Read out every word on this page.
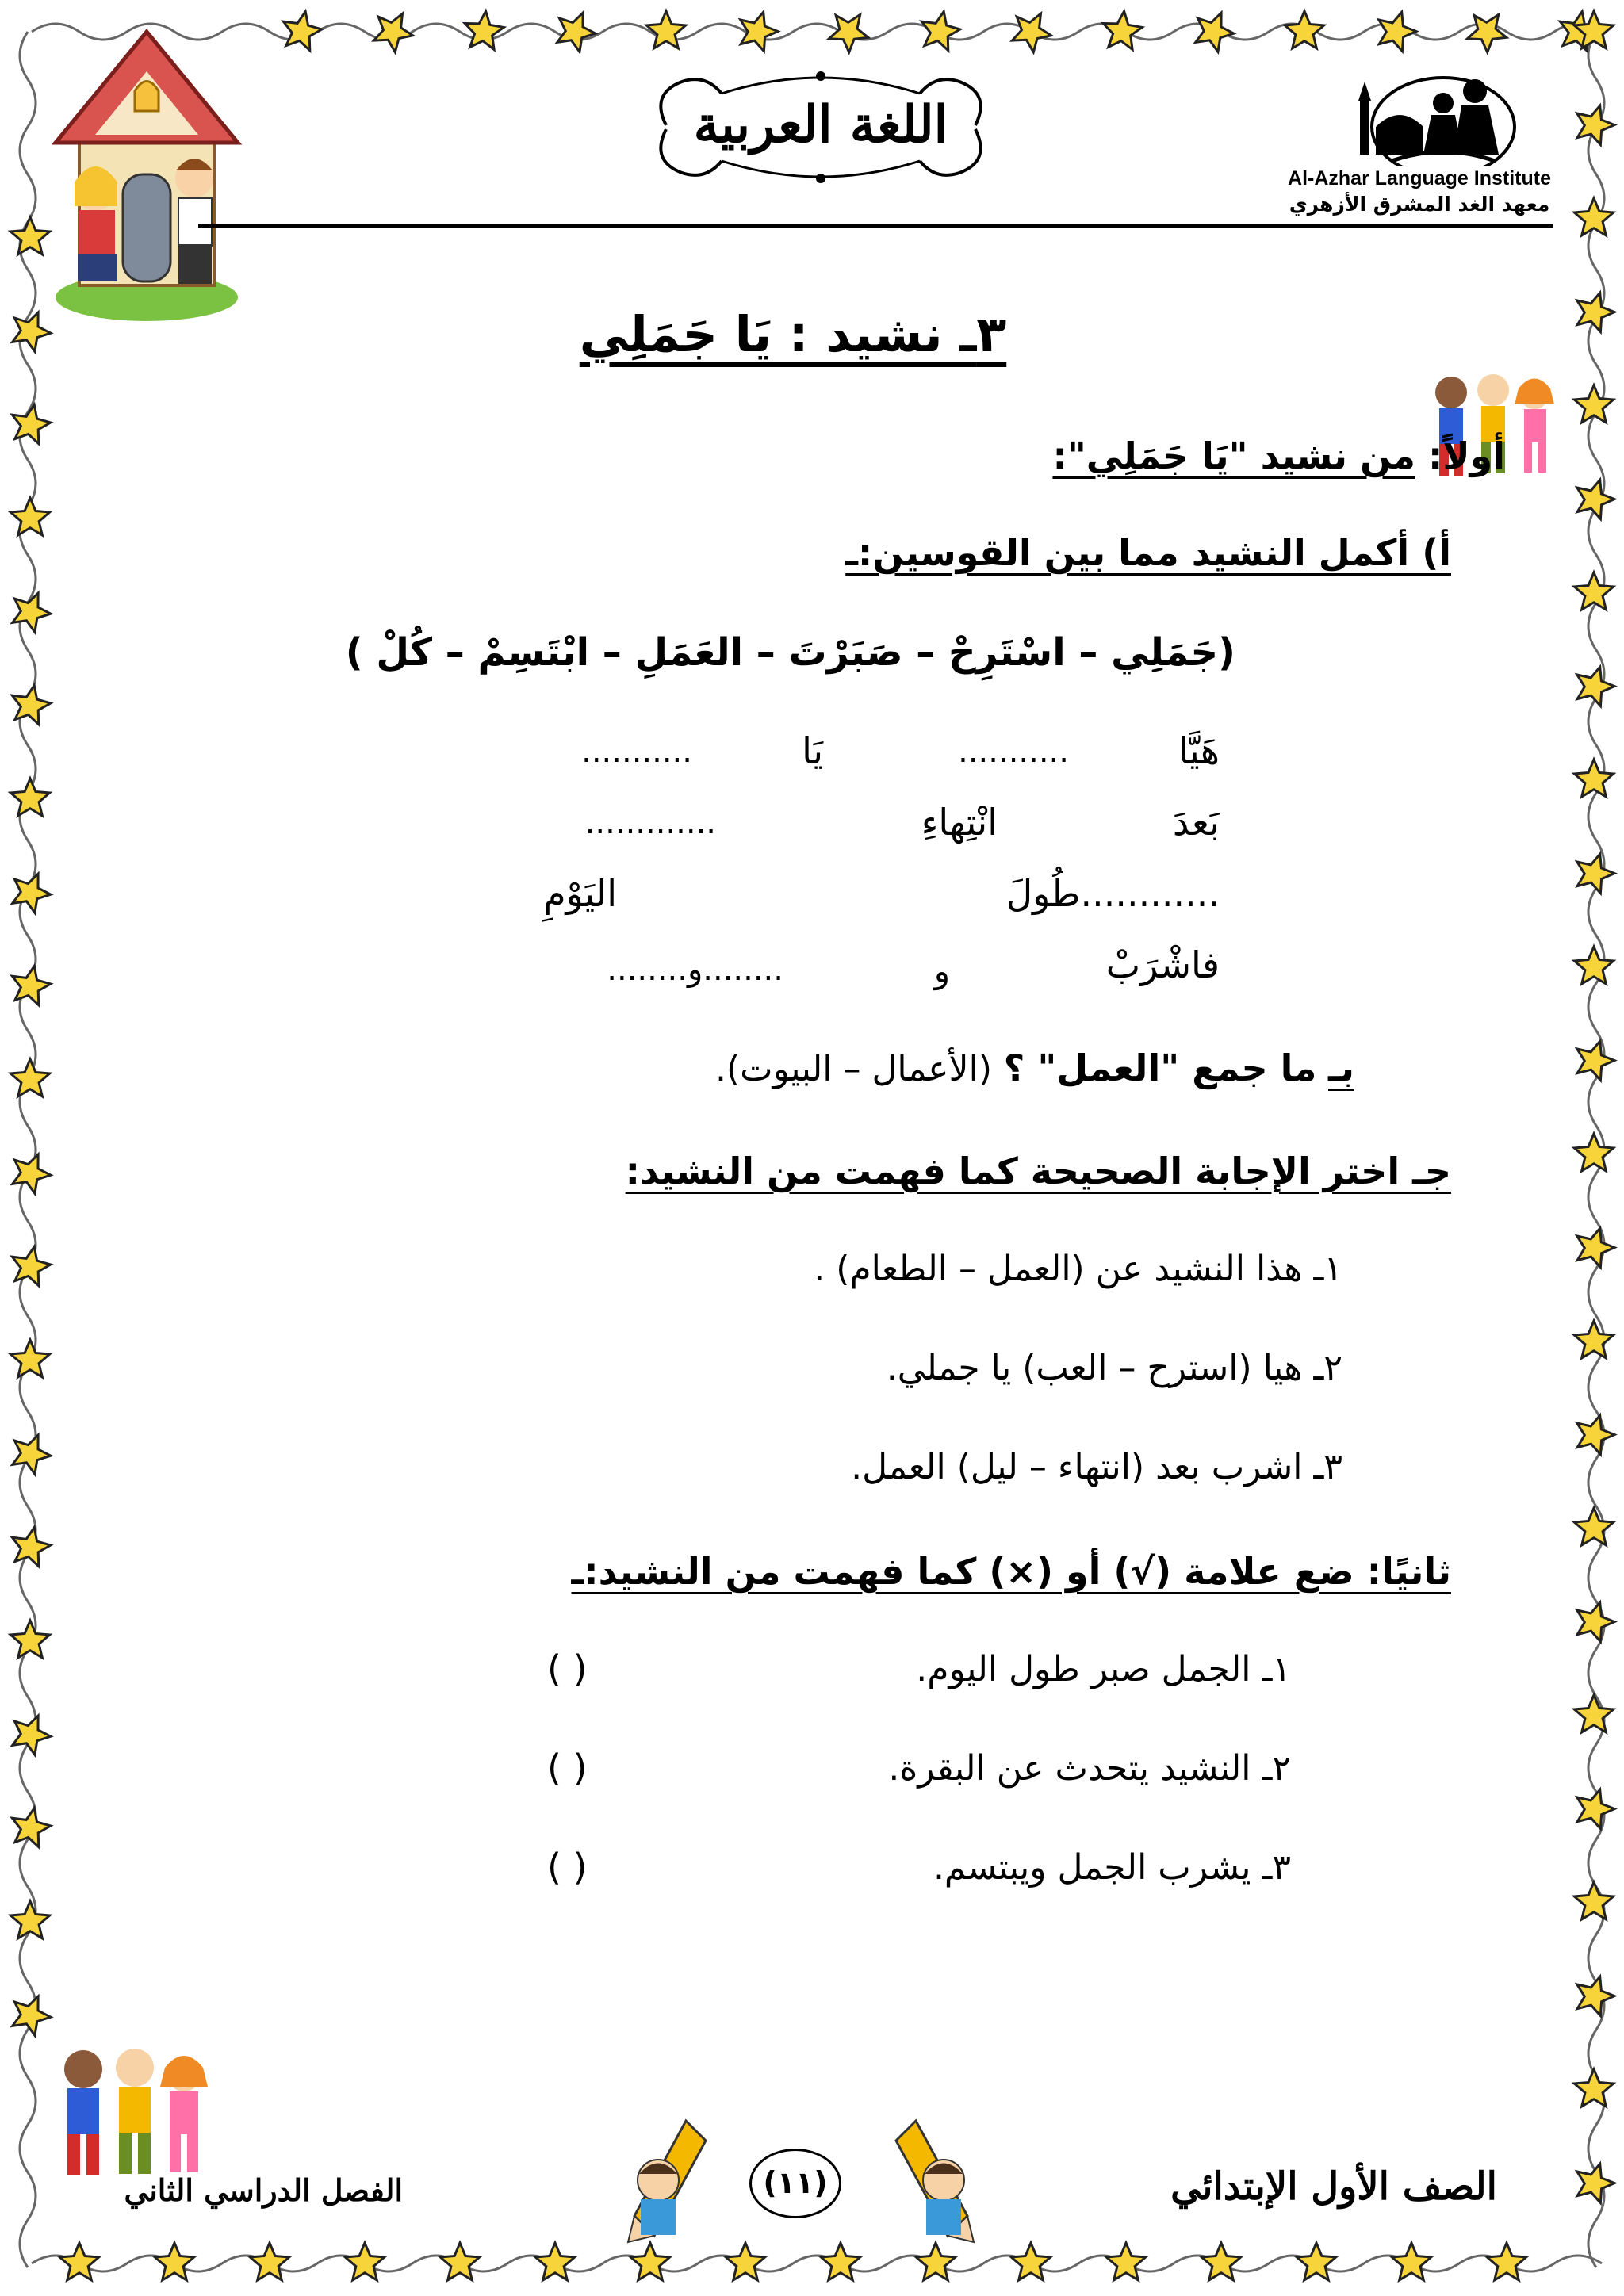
اللغة العربية
Al-Azhar Language Institute
معهد الغد المشرق الأزهري
٣ـ نشيد : يَا جَمَلِي
أولاً: من نشيد "يَا جَمَلِي":
أ) أكمل النشيد مما بين القوسين:ـ
(جَمَلِي – اسْتَرِحْ – صَبَرْتَ – العَمَلِ – ابْتَسِمْ – كُلْ )
هَيَّا
...........
يَا
...........
بَعدَ
انْتِهاءِ
.............
............طُولَ
اليَوْمِ
فاشْرَبْ
و
........و........
بـ ما جمع "العمل" ؟ (الأعمال – البيوت).
جـ اختر الإجابة الصحيحة كما فهمت من النشيد:
١ـ هذا النشيد عن (العمل – الطعام) .
٢ـ هيا (استرح – العب) يا جملي.
٣ـ اشرب بعد (انتهاء – ليل) العمل.
ثانيًا: ضع علامة (√) أو (×) كما فهمت من النشيد:ـ
١ـ الجمل صبر طول اليوم.
( )
٢ـ النشيد يتحدث عن البقرة.
( )
٣ـ يشرب الجمل ويبتسم.
( )
الفصل الدراسي الثاني	(١١)	الصف الأول الإبتدائي
